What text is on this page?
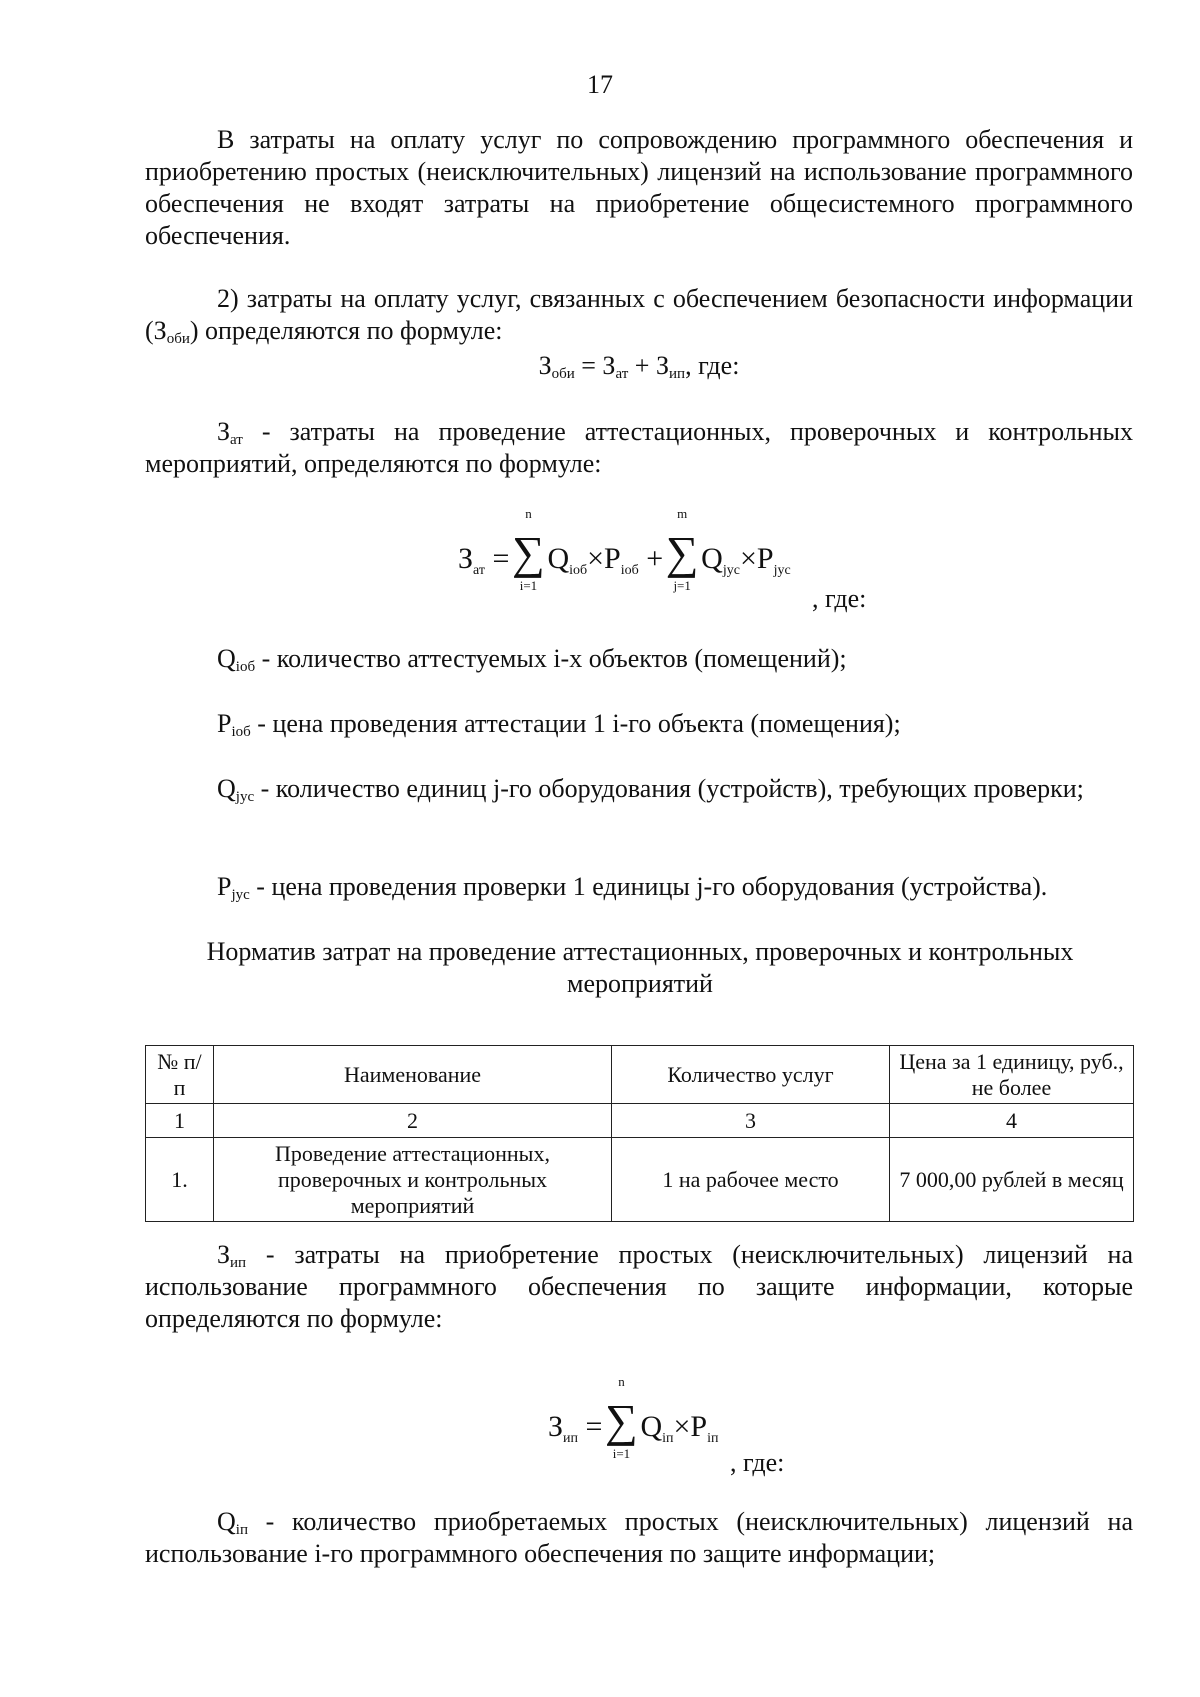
17
В затраты на оплату услуг по сопровождению программного обеспечения и приобретению простых (неисключительных) лицензий на использование программного обеспечения не входят затраты на приобретение общесистемного программного обеспечения.
2) затраты на оплату услуг, связанных с обеспечением безопасности информации $(З_{оби})$ определяются по формуле:
$З_{оби} = З_{ат} + З_{ип}$, где:
$З_{ат}$ - затраты на проведение аттестационных, проверочных и контрольных мероприятий, определяются по формуле:
$З_{ат}$ =
n
∑
i=1
$Q_{iоб}\times P_{iоб}$ +
m
∑
j=1
$Q_{jус}\times P_{jус}$
, где:
$Q_{iоб}$ - количество аттестуемых i-х объектов (помещений);
$P_{iоб}$ - цена проведения аттестации 1 i-го объекта (помещения);
$Q_{jус}$ - количество единиц j-го оборудования (устройств), требующих проверки;
$P_{jус}$ - цена проведения проверки 1 единицы j-го оборудования (устройства).
Норматив затрат на проведение аттестационных, проверочных и контрольных мероприятий
№ п/п	Наименование	Количество услуг	Цена за 1 единицу, руб., не более
1	2	3	4
1.	Проведение аттестационных, проверочных и контрольных мероприятий	1 на рабочее место	7 000,00 рублей в месяц
$З_{ип}$ - затраты на приобретение простых (неисключительных) лицензий на использование программного обеспечения по защите информации, которые определяются по формуле:
$З_{ип}$ =
n
∑
i=1
$Q_{iп}\times P_{iп}$
, где:
$Q_{iп}$ - количество приобретаемых простых (неисключительных) лицензий на использование i-го программного обеспечения по защите информации;
